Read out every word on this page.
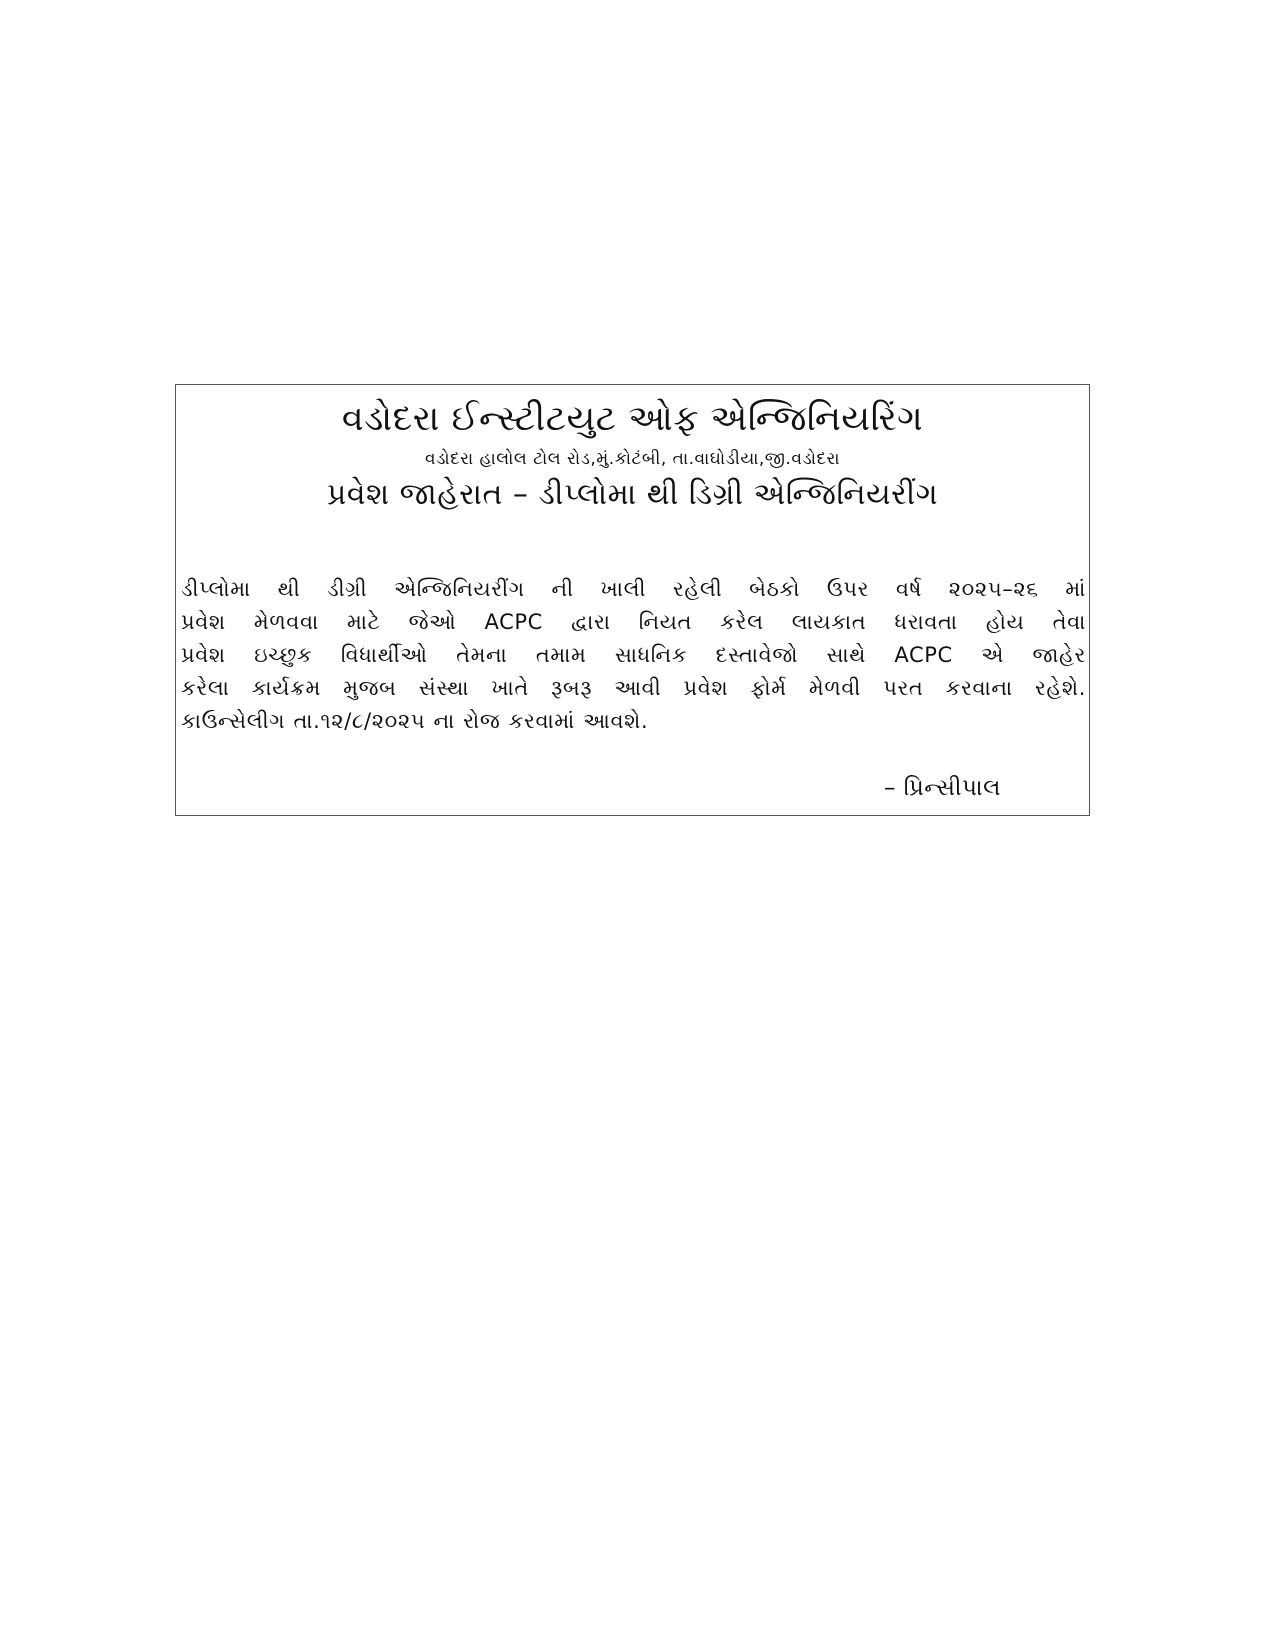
વડોદરા ઈન્સ્ટીટયુટ ઓફ એન્જિનિયરિંગ
વડોદરા હાલોલ ટોલ રોડ,મું.કોટંબી, તા.વાઘોડીયા,જી.વડોદરા
પ્રવેશ જાહેરાત – ડીપ્લોમા થી ડિગ્રી એન્જિનિયરીંગ
ડીપ્લોમા થી ડીગ્રી એન્જિનિયરીંગ ની ખાલી રહેલી બેઠકો ઉપર વર્ષ ૨૦૨૫–૨૬ માં
પ્રવેશ મેળવવા માટે જેઓ ACPC દ્વારા નિયત કરેલ લાયકાત ધરાવતા હોય તેવા
પ્રવેશ ઇચ્છુક વિધાર્થીઓ તેમના તમામ સાધનિક દસ્તાવેજો સાથે ACPC એ જાહેર
કરેલા કાર્યક્રમ મુજબ સંસ્થા ખાતે રૂબરૂ આવી પ્રવેશ ફોર્મ મેળવી પરત કરવાના રહેશે.
કાઉન્સેલીગ તા.૧૨/૮/૨૦૨૫ ના રોજ કરવામાં આવશે.
– પ્રિન્સીપાલ
